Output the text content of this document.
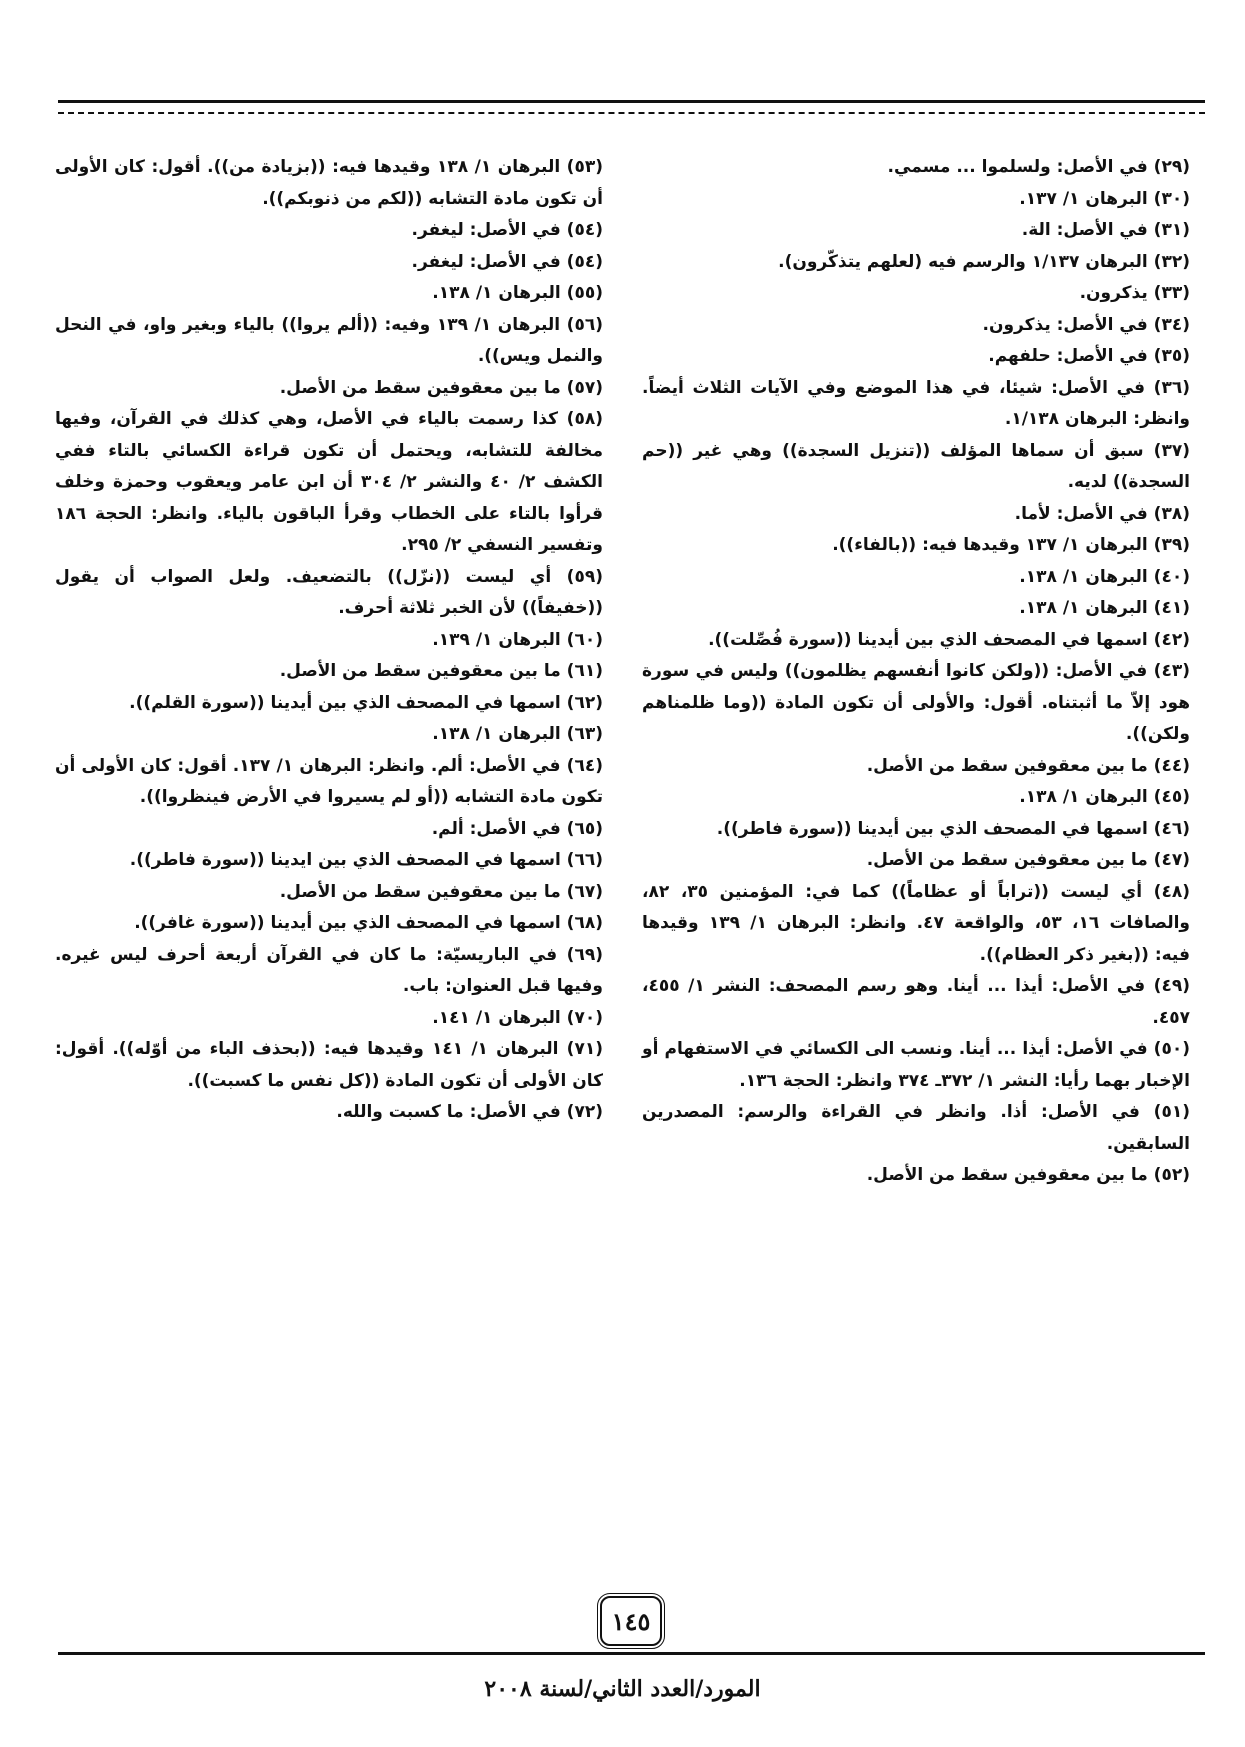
(٢٩) في الأصل: ولسلموا ... مسمي.

(٣٠) البرهان ١/ ١٣٧.

(٣١) في الأصل: الة.

(٣٢) البرهان ١/١٣٧ والرسم فيه (لعلهم يتذكّرون).

(٣٣) يذكرون.

(٣٤) في الأصل: يذكرون.

(٣٥) في الأصل: حلفهم.

(٣٦) في الأصل: شيئا، في هذا الموضع وفي الآيات الثلاث أيضاً. وانظر: البرهان ١/١٣٨.

(٣٧) سبق أن سماها المؤلف ((تنزيل السجدة)) وهي غير ((حم السجدة)) لديه.

(٣٨) في الأصل: لأما.

(٣٩) البرهان ١/ ١٣٧ وقيدها فيه: ((بالفاء)).

(٤٠) البرهان ١/ ١٣٨.

(٤١) البرهان ١/ ١٣٨.

(٤٢) اسمها في المصحف الذي بين أيدينا ((سورة فُصِّلت)).

(٤٣) في الأصل: ((ولكن كانوا أنفسهم يظلمون)) وليس في سورة هود إلاّ ما أثبتناه. أقول: والأولى أن تكون المادة ((وما ظلمناهم ولكن)).

(٤٤) ما بين معقوفين سقط من الأصل.

(٤٥) البرهان ١/ ١٣٨.

(٤٦) اسمها في المصحف الذي بين أيدينا ((سورة فاطر)).

(٤٧) ما بين معقوفين سقط من الأصل.

(٤٨) أي ليست ((تراباً أو عظاماً)) كما في: المؤمنين ٣٥، ٨٢، والصافات ١٦، ٥٣، والواقعة ٤٧. وانظر: البرهان ١/ ١٣٩ وقيدها فيه: ((بغير ذكر العظام)).

(٤٩) في الأصل: أيذا ... أينا. وهو رسم المصحف: النشر ١/ ٤٥٥، ٤٥٧.

(٥٠) في الأصل: أيذا ... أينا. ونسب الى الكسائي في الاستفهام أو الإخبار بهما رأيا: النشر ١/ ٣٧٢ـ ٣٧٤ وانظر: الحجة ١٣٦.

(٥١) في الأصل: أذا. وانظر في القراءة والرسم: المصدرين السابقين.

(٥٢) ما بين معقوفين سقط من الأصل.

(٥٣) البرهان ١/ ١٣٨ وقيدها فيه: ((بزيادة من)). أقول: كان الأولى أن تكون مادة التشابه ((لكم من ذنوبكم)).

(٥٤) في الأصل: ليغفر.

(٥٤) في الأصل: ليغفر.

(٥٥) البرهان ١/ ١٣٨.

(٥٦) البرهان ١/ ١٣٩ وفيه: ((ألم يروا)) بالياء وبغير واو، في النحل والنمل ويس)).

(٥٧) ما بين معقوفين سقط من الأصل.

(٥٨) كذا رسمت بالياء في الأصل، وهي كذلك في القرآن، وفيها مخالفة للتشابه، ويحتمل أن تكون قراءة الكسائي بالتاء ففي الكشف ٢/ ٤٠ والنشر ٢/ ٣٠٤ أن ابن عامر ويعقوب وحمزة وخلف قرأوا بالتاء على الخطاب وقرأ الباقون بالياء. وانظر: الحجة ١٨٦ وتفسير النسفي ٢/ ٢٩٥.

(٥٩) أي ليست ((نزّل)) بالتضعيف. ولعل الصواب أن يقول ((خفيفاً)) لأن الخبر ثلاثة أحرف.

(٦٠) البرهان ١/ ١٣٩.

(٦١) ما بين معقوفين سقط من الأصل.

(٦٢) اسمها في المصحف الذي بين أيدينا ((سورة القلم)).

(٦٣) البرهان ١/ ١٣٨.

(٦٤) في الأصل: ألم. وانظر: البرهان ١/ ١٣٧. أقول: كان الأولى أن تكون مادة التشابه ((أو لم يسيروا في الأرض فينظروا)).

(٦٥) في الأصل: ألم.

(٦٦) اسمها في المصحف الذي بين ايدينا ((سورة فاطر)).

(٦٧) ما بين معقوفين سقط من الأصل.

(٦٨) اسمها في المصحف الذي بين أيدينا ((سورة غافر)).

(٦٩) في الباريسيّة: ما كان في القرآن أربعة أحرف ليس غيره. وفيها قبل العنوان: باب.

(٧٠) البرهان ١/ ١٤١.

(٧١) البرهان ١/ ١٤١ وقيدها فيه: ((بحذف الباء من أوّله)). أقول: كان الأولى أن تكون المادة ((كل نفس ما كسبت)).

(٧٢) في الأصل: ما كسبت والله.

١٤٥
المورد/العدد الثاني/لسنة ٢٠٠٨
